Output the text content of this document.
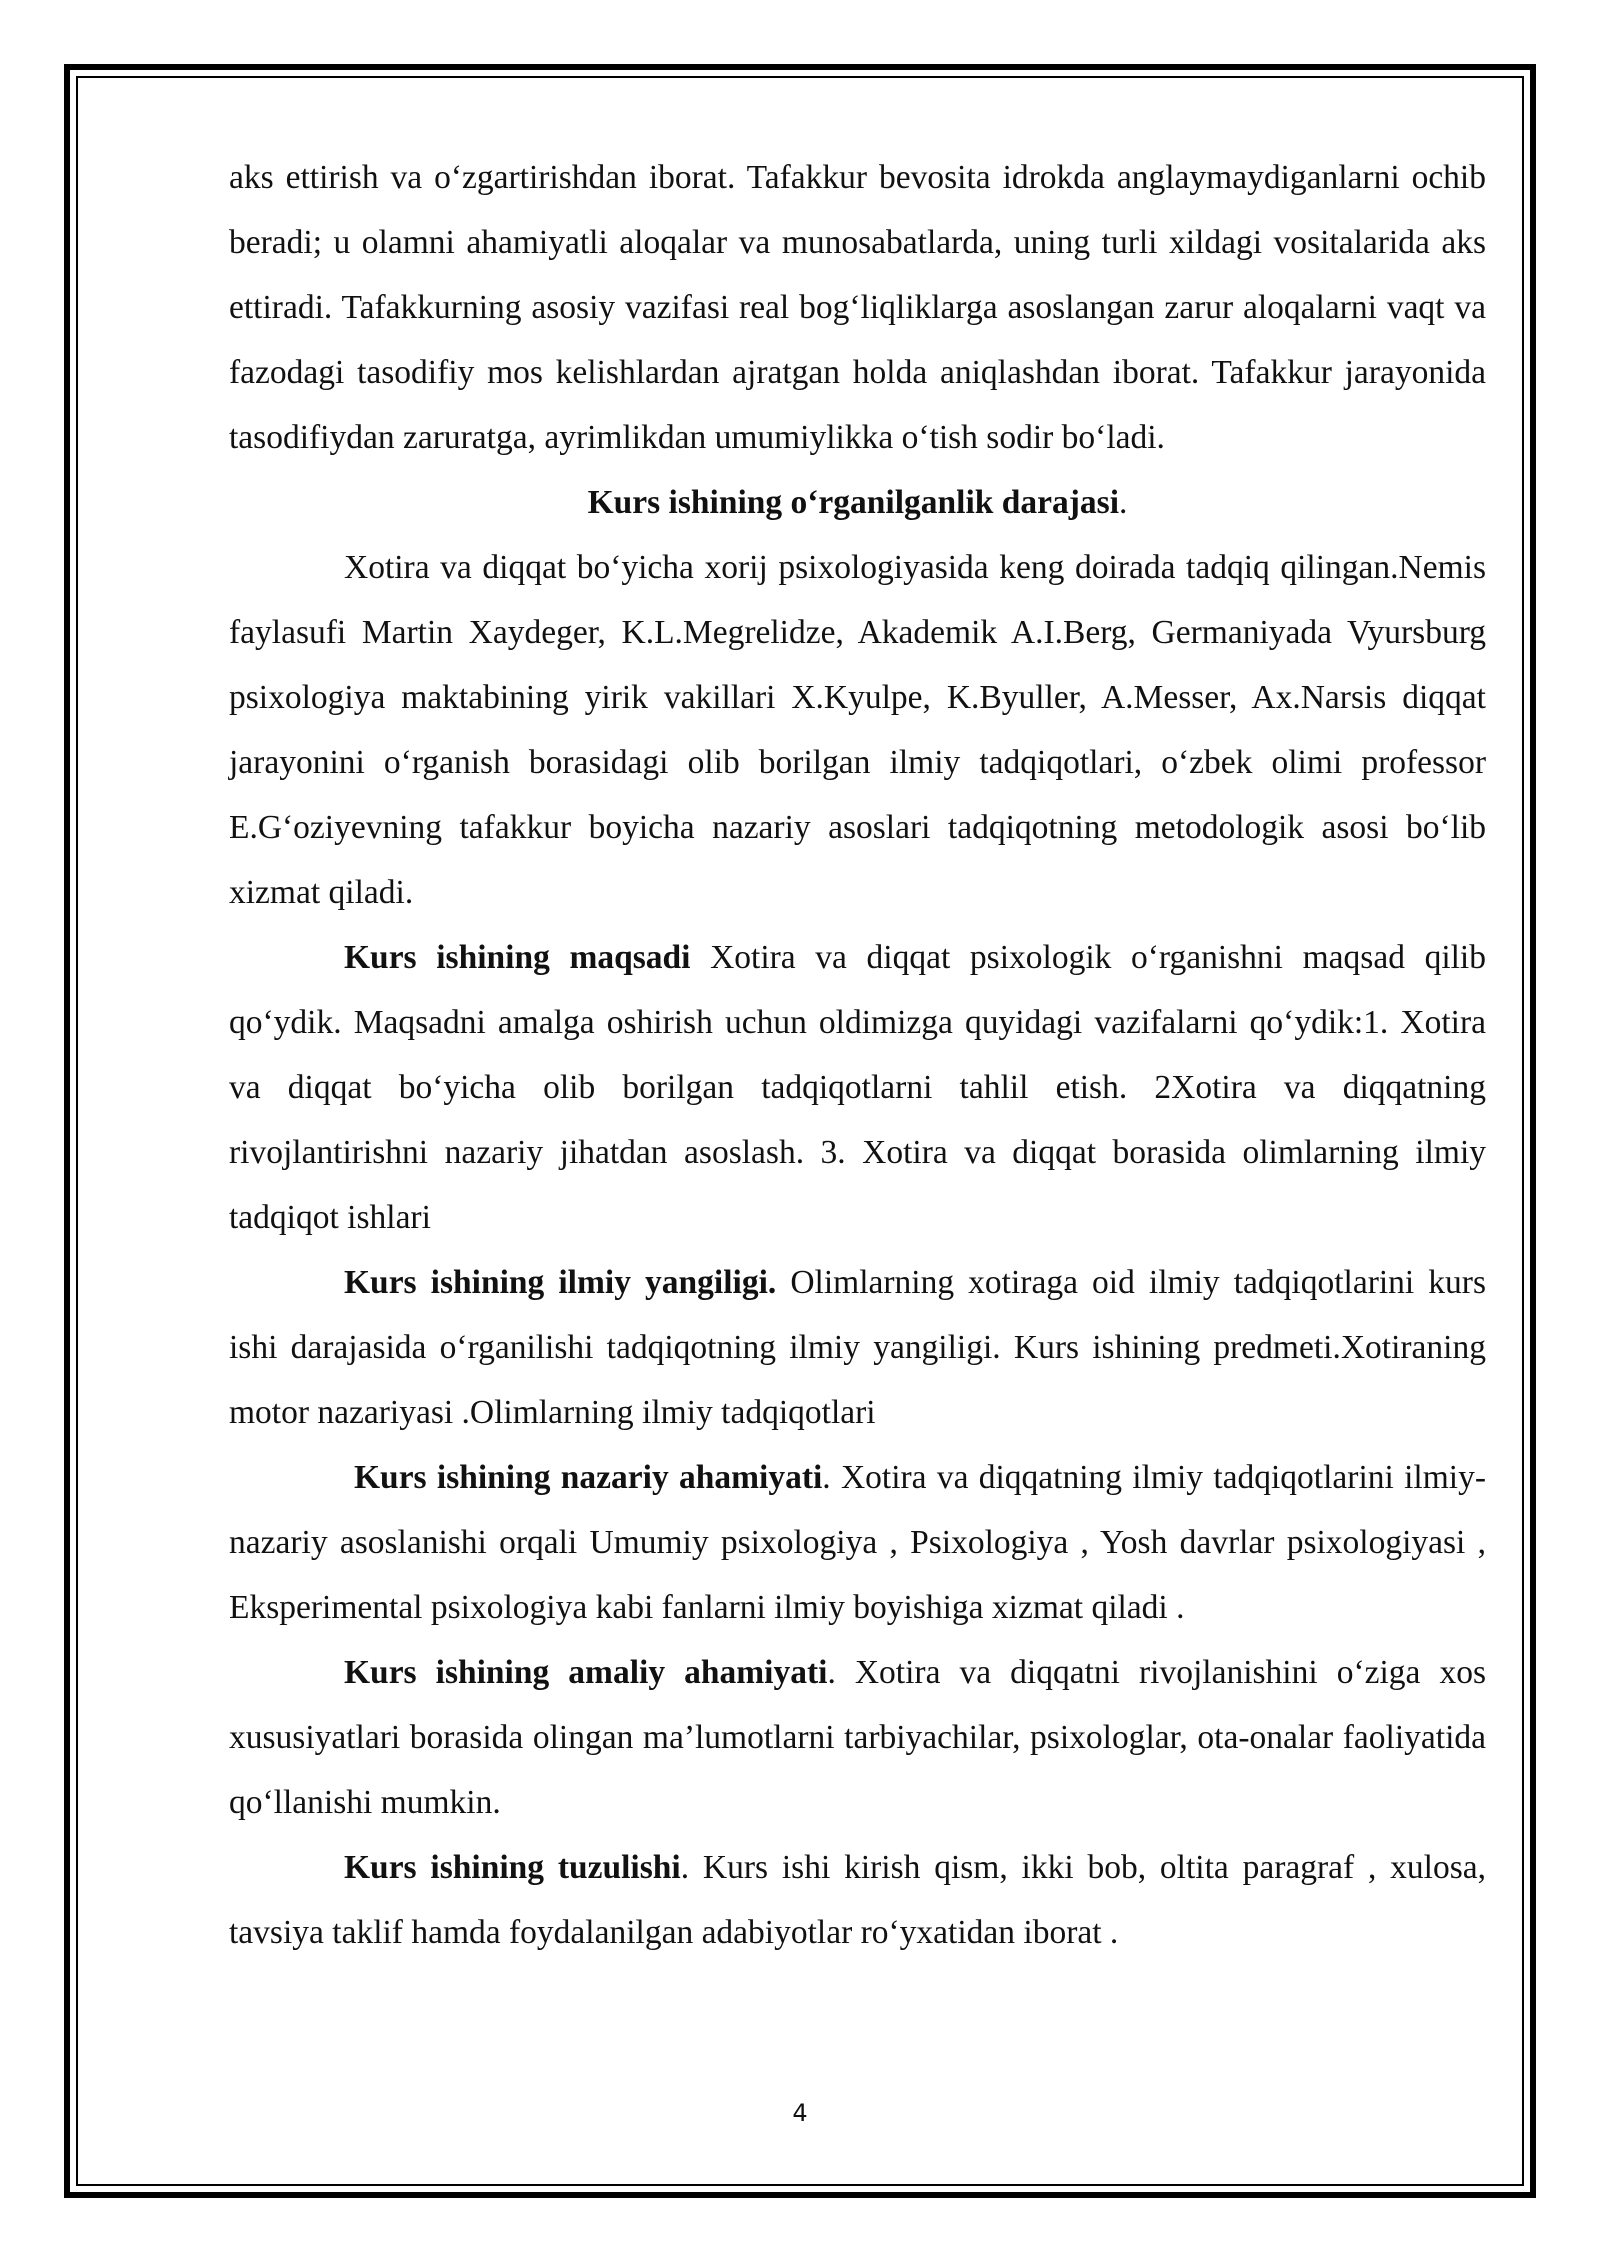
aks ettirish va o‘zgartirishdan iborat. Tafakkur bevosita idrokda anglaymaydiganlarni ochib beradi; u olamni ahamiyatli aloqalar va munosabatlarda, uning turli xildagi vositalarida aks ettiradi. Tafakkurning asosiy vazifasi real bog‘liqliklarga asoslangan zarur aloqalarni vaqt va fazodagi tasodifiy mos kelishlardan ajratgan holda aniqlashdan iborat. Tafakkur jarayonida tasodifiydan zaruratga, ayrimlikdan umumiylikka o‘tish sodir bo‘ladi.

Kurs ishining o‘rganilganlik darajasi.

Xotira va diqqat bo‘yicha xorij psixologiyasida keng doirada tadqiq qilingan.Nemis faylasufi Martin Xaydeger, K.L.Megrelidze, Akademik A.I.Berg, Germaniyada Vyursburg psixologiya maktabining yirik vakillari X.Kyulpe, K.Byuller, A.Messer, Ax.Narsis diqqat jarayonini o‘rganish borasidagi olib borilgan ilmiy tadqiqotlari, o‘zbek olimi professor E.G‘oziyevning tafakkur boyicha nazariy asoslari tadqiqotning metodologik asosi bo‘lib xizmat qiladi.

Kurs ishining maqsadi Xotira va diqqat psixologik o‘rganishni maqsad qilib qo‘ydik. Maqsadni amalga oshirish uchun oldimizga quyidagi vazifalarni qo‘ydik:1. Xotira va diqqat bo‘yicha olib borilgan tadqiqotlarni tahlil etish. 2Xotira va diqqatning rivojlantirishni nazariy jihatdan asoslash. 3. Xotira va diqqat borasida olimlarning ilmiy tadqiqot ishlari

Kurs ishining ilmiy yangiligi. Olimlarning xotiraga oid ilmiy tadqiqotlarini kurs ishi darajasida o‘rganilishi tadqiqotning ilmiy yangiligi. Kurs ishining predmeti.Xotiraning motor nazariyasi .Olimlarning ilmiy tadqiqotlari

Kurs ishining nazariy ahamiyati. Xotira va diqqatning ilmiy tadqiqotlarini ilmiy-nazariy asoslanishi orqali Umumiy psixologiya , Psixologiya , Yosh davrlar psixologiyasi , Eksperimental psixologiya kabi fanlarni ilmiy boyishiga xizmat qiladi .

Kurs ishining amaliy ahamiyati. Xotira va diqqatni rivojlanishini o‘ziga xos xususiyatlari borasida olingan ma’lumotlarni tarbiyachilar, psixologlar, ota-onalar faoliyatida qo‘llanishi mumkin.

Kurs ishining tuzulishi. Kurs ishi kirish qism, ikki bob, oltita paragraf , xulosa, tavsiya taklif hamda foydalanilgan adabiyotlar ro‘yxatidan iborat .

4
